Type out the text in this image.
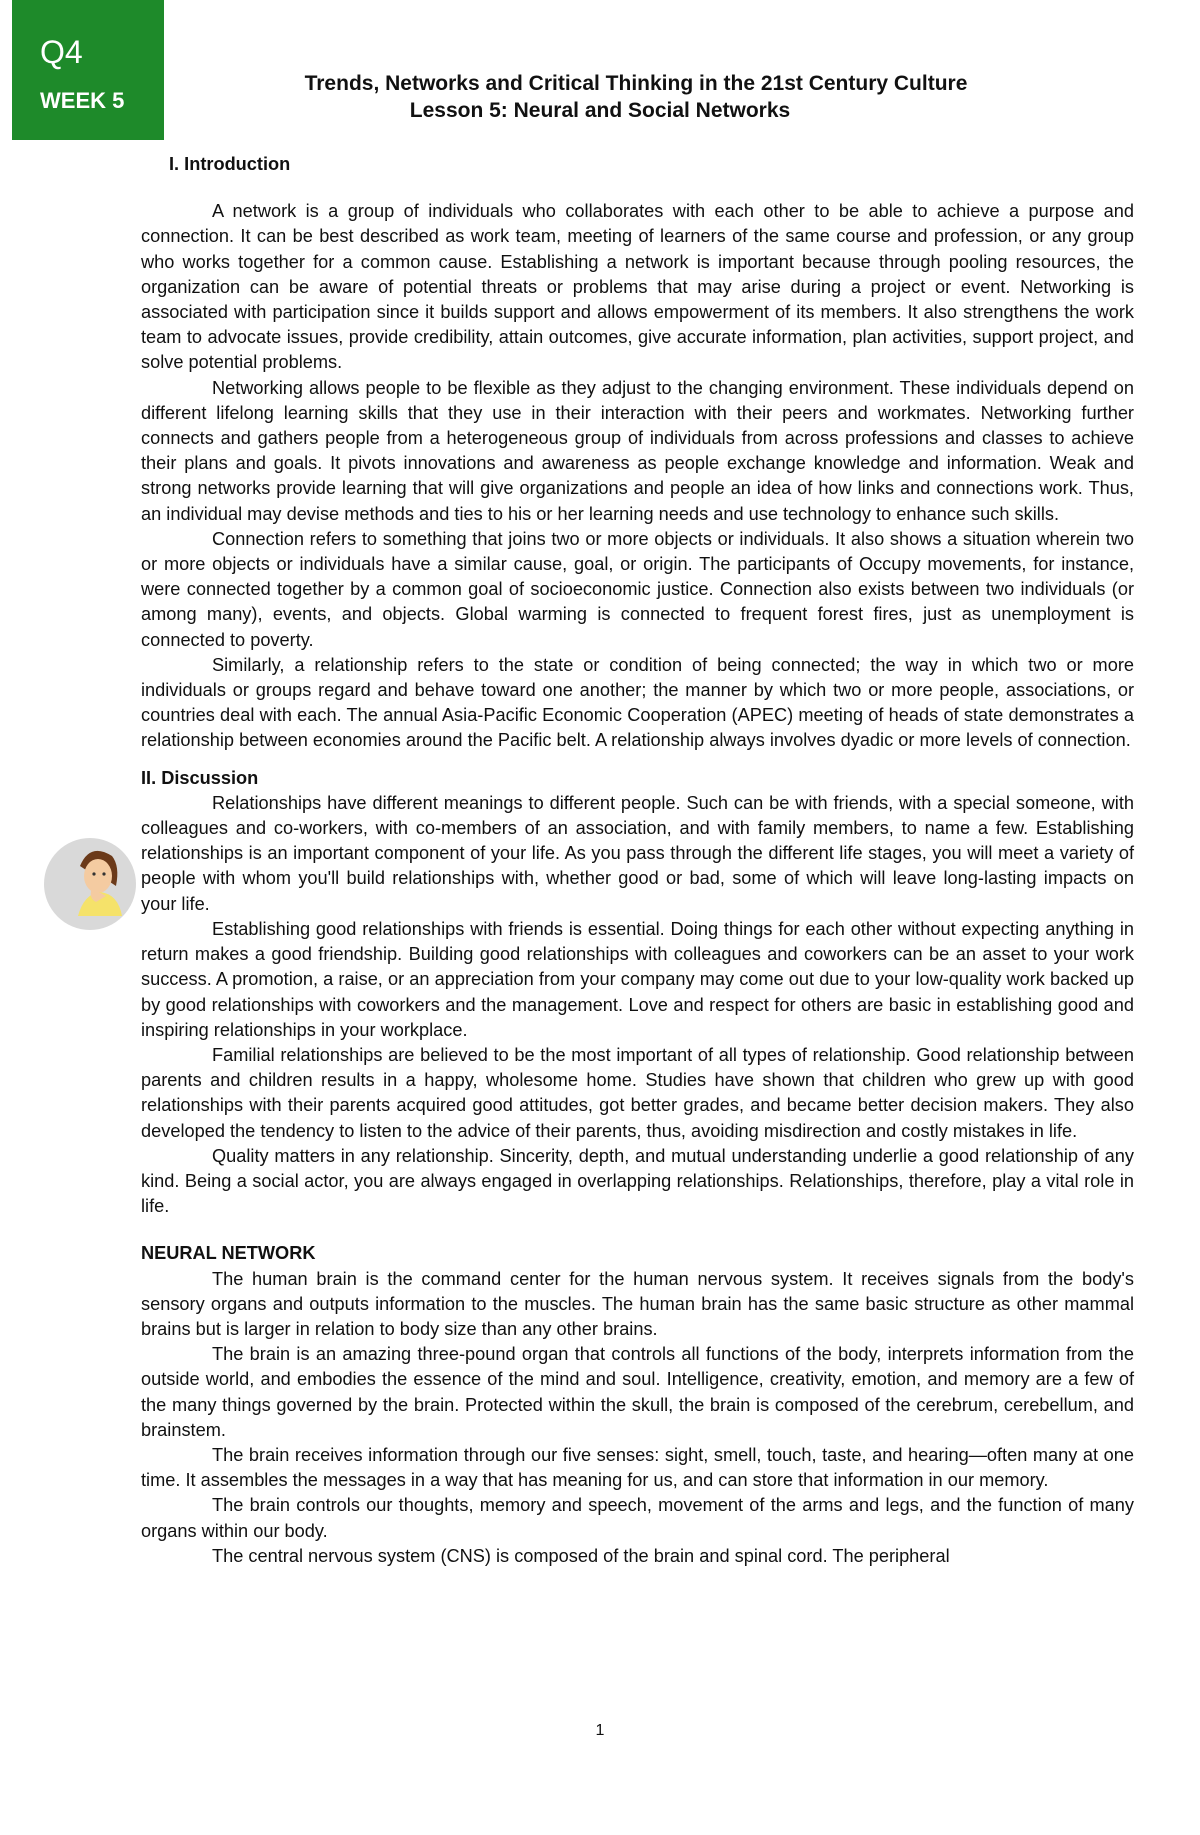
Q4
WEEK 5
Trends, Networks and Critical Thinking in the 21st Century Culture
Lesson 5: Neural and Social Networks

I. Introduction

A network is a group of individuals who collaborates with each other to be able to achieve a purpose and connection. It can be best described as work team, meeting of learners of the same course and profession, or any group who works together for a common cause. Establishing a network is important because through pooling resources, the organization can be aware of potential threats or problems that may arise during a project or event. Networking is associated with participation since it builds support and allows empowerment of its members. It also strengthens the work team to advocate issues, provide credibility, attain outcomes, give accurate information, plan activities, support project, and solve potential problems.

Networking allows people to be flexible as they adjust to the changing environment. These individuals depend on different lifelong learning skills that they use in their interaction with their peers and workmates. Networking further connects and gathers people from a heterogeneous group of individuals from across professions and classes to achieve their plans and goals. It pivots innovations and awareness as people exchange knowledge and information. Weak and strong networks provide learning that will give organizations and people an idea of how links and connections work. Thus, an individual may devise methods and ties to his or her learning needs and use technology to enhance such skills.

Connection refers to something that joins two or more objects or individuals. It also shows a situation wherein two or more objects or individuals have a similar cause, goal, or origin. The participants of Occupy movements, for instance, were connected together by a common goal of socioeconomic justice. Connection also exists between two individuals (or among many), events, and objects. Global warming is connected to frequent forest fires, just as unemployment is connected to poverty.

Similarly, a relationship refers to the state or condition of being connected; the way in which two or more individuals or groups regard and behave toward one another; the manner by which two or more people, associations, or countries deal with each. The annual Asia-Pacific Economic Cooperation (APEC) meeting of heads of state demonstrates a relationship between economies around the Pacific belt. A relationship always involves dyadic or more levels of connection.

II. Discussion

Relationships have different meanings to different people. Such can be with friends, with a special someone, with colleagues and co-workers, with co-members of an association, and with family members, to name a few. Establishing relationships is an important component of your life. As you pass through the different life stages, you will meet a variety of people with whom you'll build relationships with, whether good or bad, some of which will leave long-lasting impacts on your life.

Establishing good relationships with friends is essential. Doing things for each other without expecting anything in return makes a good friendship. Building good relationships with colleagues and coworkers can be an asset to your work success. A promotion, a raise, or an appreciation from your company may come out due to your low-quality work backed up by good relationships with coworkers and the management. Love and respect for others are basic in establishing good and inspiring relationships in your workplace.

Familial relationships are believed to be the most important of all types of relationship. Good relationship between parents and children results in a happy, wholesome home. Studies have shown that children who grew up with good relationships with their parents acquired good attitudes, got better grades, and became better decision makers. They also developed the tendency to listen to the advice of their parents, thus, avoiding misdirection and costly mistakes in life.

Quality matters in any relationship. Sincerity, depth, and mutual understanding underlie a good relationship of any kind. Being a social actor, you are always engaged in overlapping relationships. Relationships, therefore, play a vital role in life.

NEURAL NETWORK

The human brain is the command center for the human nervous system. It receives signals from the body's sensory organs and outputs information to the muscles. The human brain has the same basic structure as other mammal brains but is larger in relation to body size than any other brains.

The brain is an amazing three-pound organ that controls all functions of the body, interprets information from the outside world, and embodies the essence of the mind and soul. Intelligence, creativity, emotion, and memory are a few of the many things governed by the brain. Protected within the skull, the brain is composed of the cerebrum, cerebellum, and brainstem.

The brain receives information through our five senses: sight, smell, touch, taste, and hearing—often many at one time. It assembles the messages in a way that has meaning for us, and can store that information in our memory.

The brain controls our thoughts, memory and speech, movement of the arms and legs, and the function of many organs within our body.

The central nervous system (CNS) is composed of the brain and spinal cord. The peripheral

1
